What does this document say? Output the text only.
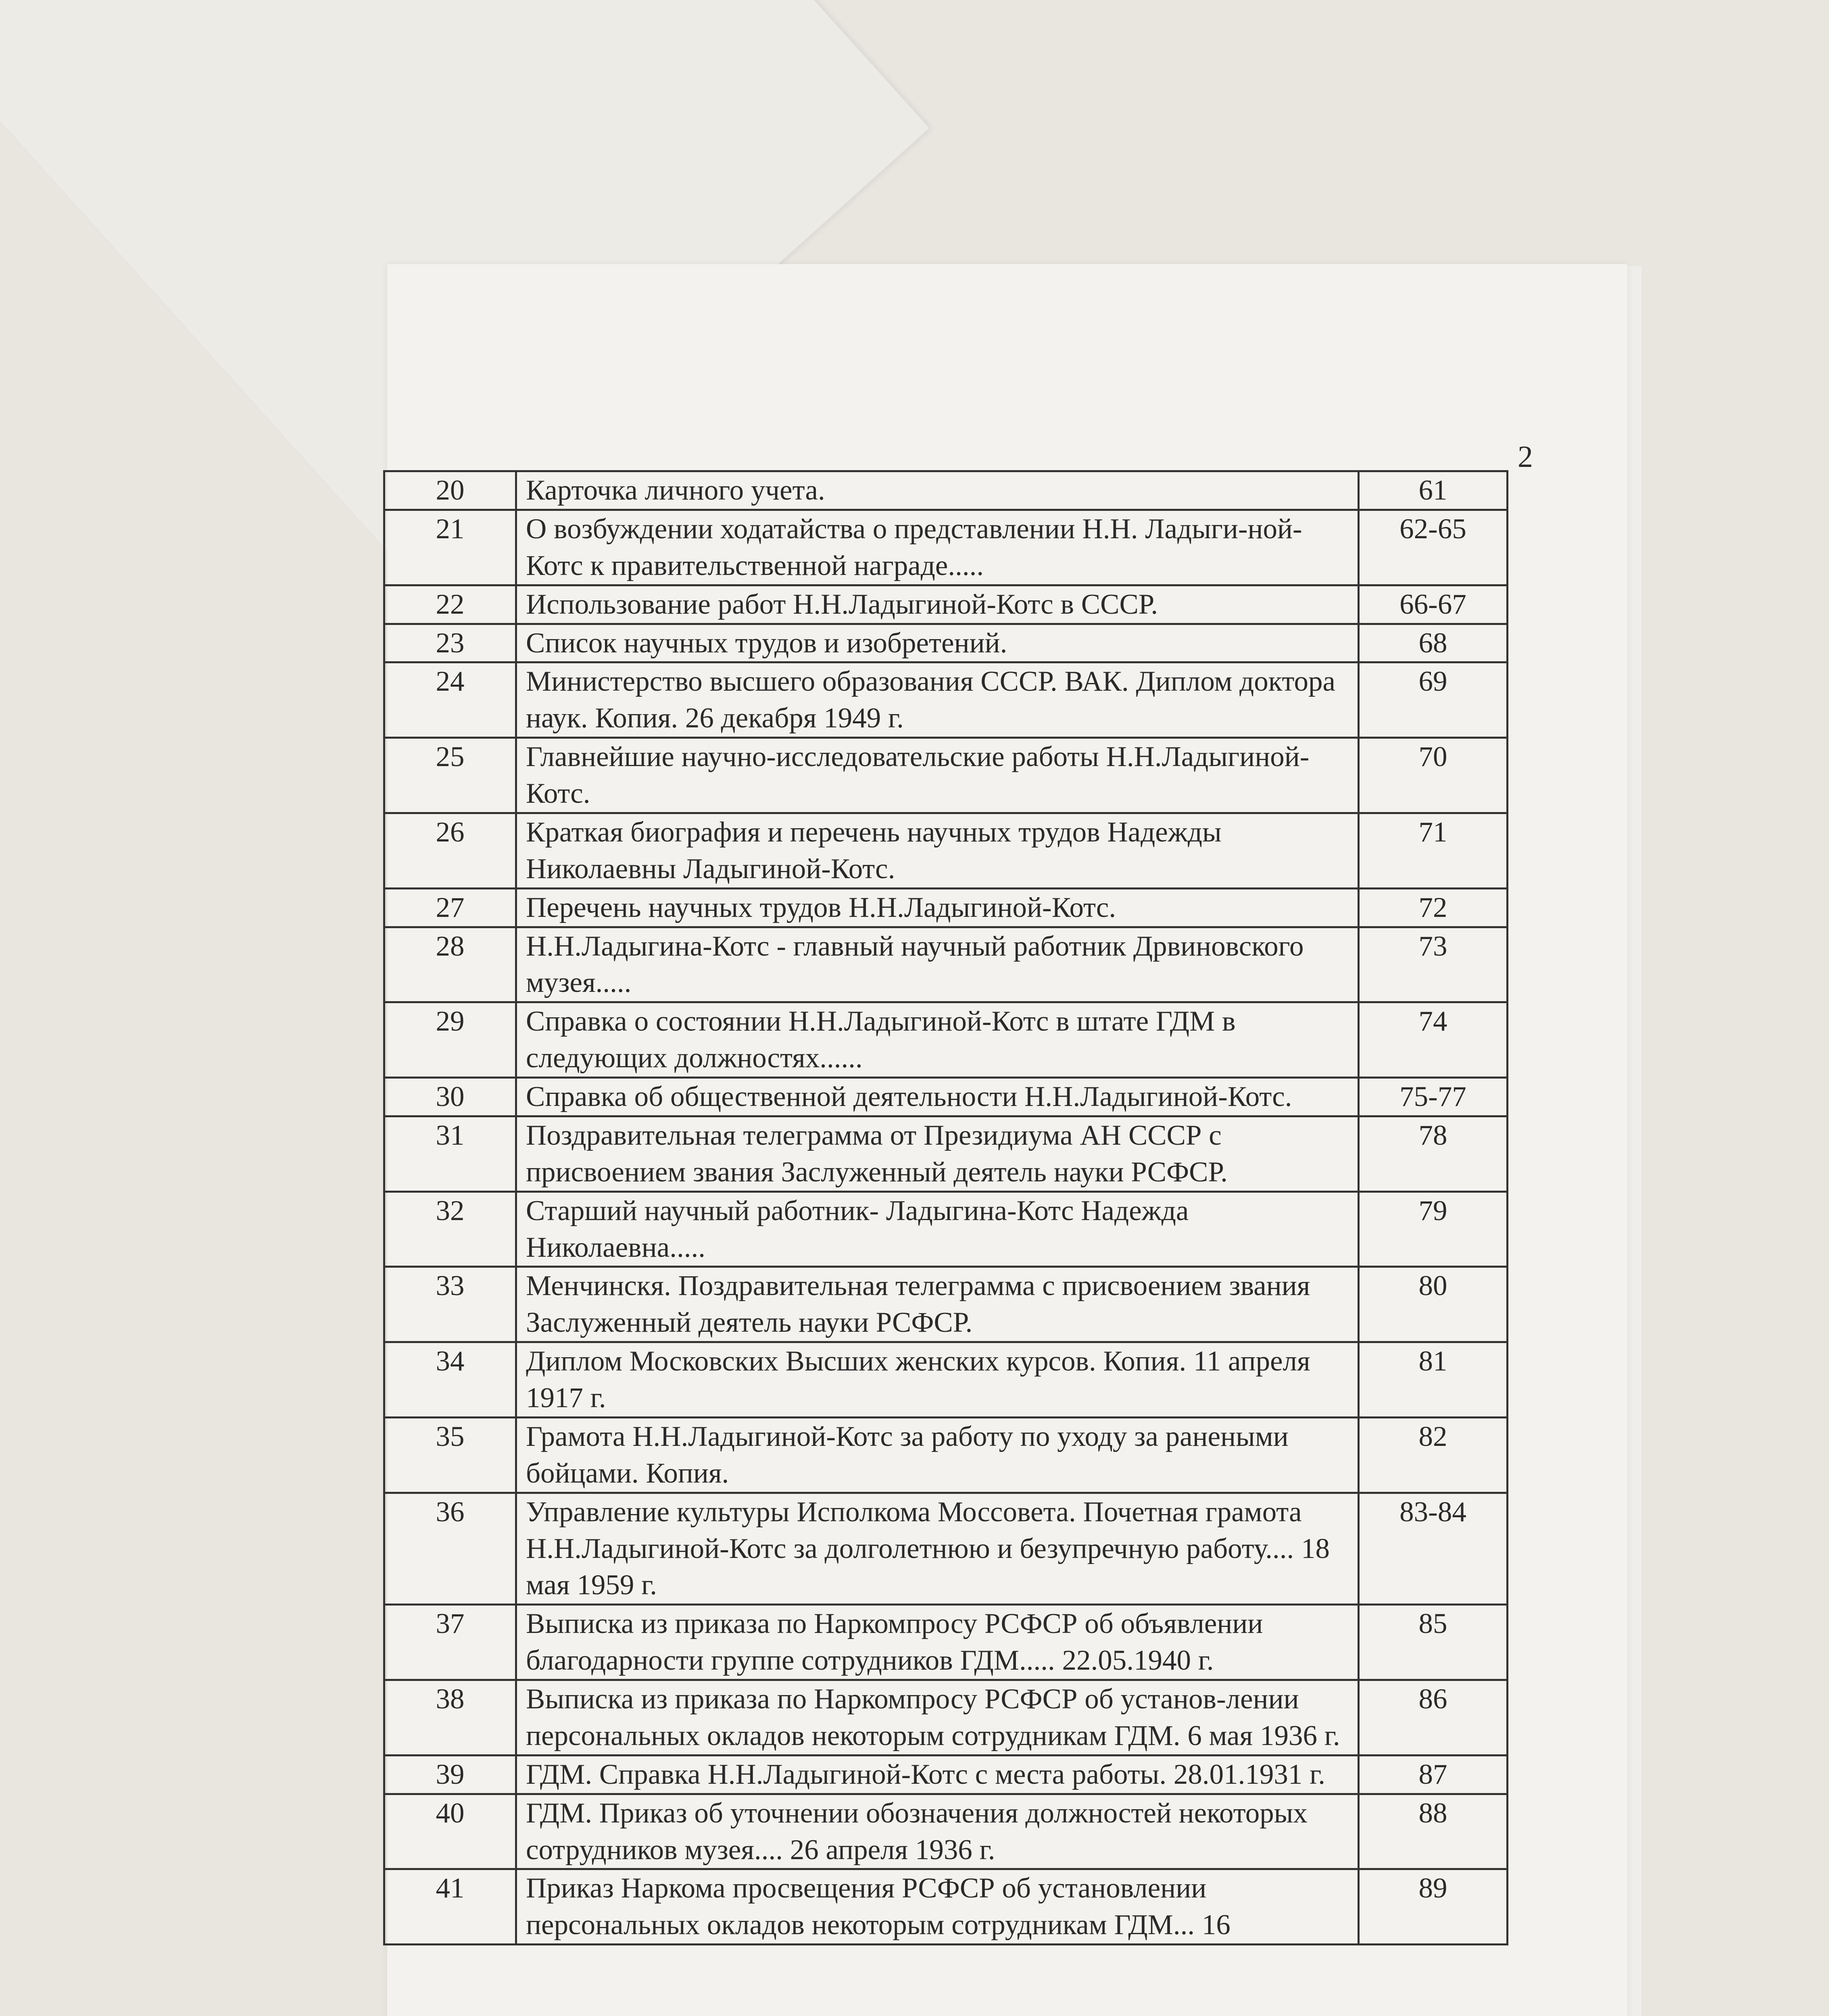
2
20	Карточка личного учета.	61
21	О возбуждении ходатайства о представлении Н.Н. Ладыги-ной-Котс к правительственной награде.....	62-65
22	Использование работ Н.Н.Ладыгиной-Котс в СССР.	66-67
23	Список научных трудов и изобретений.	68
24	Министерство высшего образования СССР. ВАК. Диплом доктора наук. Копия. 26 декабря 1949 г.	69
25	Главнейшие научно-исследовательские работы Н.Н.Ладыгиной-Котс.	70
26	Краткая биография и перечень научных трудов Надежды Николаевны Ладыгиной-Котс.	71
27	Перечень научных трудов Н.Н.Ладыгиной-Котс.	72
28	Н.Н.Ладыгина-Котс - главный научный работник Дрвиновского музея.....	73
29	Справка о состоянии Н.Н.Ладыгиной-Котс в штате ГДМ в следующих должностях......	74
30	Справка об общественной деятельности Н.Н.Ладыгиной-Котс.	75-77
31	Поздравительная телеграмма от Президиума АН СССР с присвоением звания Заслуженный деятель науки РСФСР.	78
32	Старший научный работник- Ладыгина-Котс Надежда Николаевна.....	79
33	Менчинскя. Поздравительная телеграмма с присвоением звания Заслуженный деятель науки РСФСР.	80
34	Диплом Московских Высших женских курсов. Копия. 11 апреля 1917 г.	81
35	Грамота Н.Н.Ладыгиной-Котс за работу по уходу за ранеными бойцами. Копия.	82
36	Управление культуры Исполкома Моссовета. Почетная грамота Н.Н.Ладыгиной-Котс за долголетнюю и безупречную работу.... 18 мая 1959 г.	83-84
37	Выписка из приказа по Наркомпросу РСФСР об объявлении благодарности группе сотрудников ГДМ..... 22.05.1940 г.	85
38	Выписка из приказа по Наркомпросу РСФСР об установ-лении персональных окладов некоторым сотрудникам ГДМ. 6 мая 1936 г.	86
39	ГДМ. Справка Н.Н.Ладыгиной-Котс с места работы. 28.01.1931 г.	87
40	ГДМ. Приказ об уточнении обозначения должностей некоторых сотрудников музея.... 26 апреля 1936 г.	88
41	Приказ Наркома просвещения РСФСР об установлении персональных окладов некоторым сотрудникам ГДМ... 16	89
